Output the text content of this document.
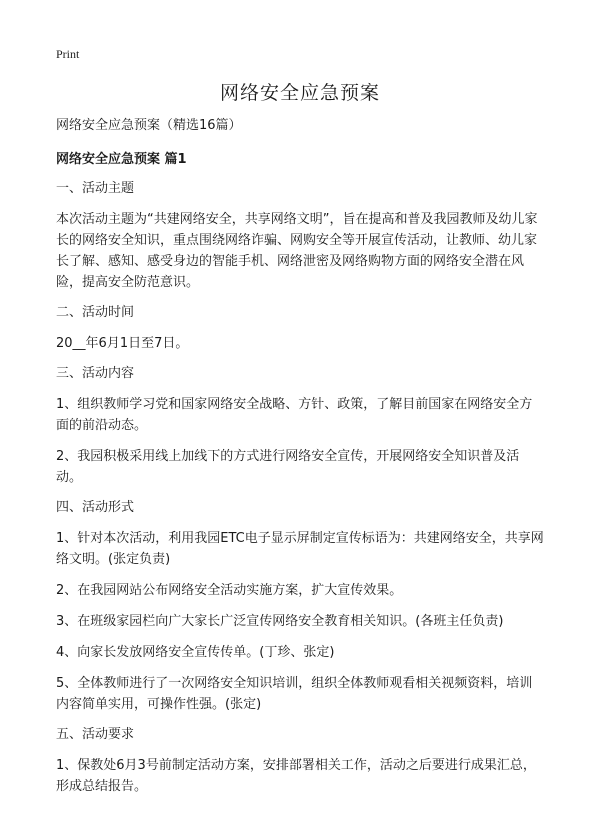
Print
网络安全应急预案

网络安全应急预案（精选16篇）

网络安全应急预案 篇1

一、活动主题

本次活动主题为“共建网络安全，共享网络文明”，旨在提高和普及我园教师及幼儿家长的网络安全知识，重点围绕网络诈骗、网购安全等开展宣传活动，让教师、幼儿家长了解、感知、感受身边的智能手机、网络泄密及网络购物方面的网络安全潜在风险，提高安全防范意识。

二、活动时间

20__年6月1日至7日。

三、活动内容

1、组织教师学习党和国家网络安全战略、方针、政策，了解目前国家在网络安全方面的前沿动态。

2、我园积极采用线上加线下的方式进行网络安全宣传，开展网络安全知识普及活动。

四、活动形式

1、针对本次活动，利用我园ETC电子显示屏制定宣传标语为：共建网络安全，共享网络文明。(张定负责)

2、在我园网站公布网络安全活动实施方案，扩大宣传效果。

3、在班级家园栏向广大家长广泛宣传网络安全教育相关知识。(各班主任负责)

4、向家长发放网络安全宣传传单。(丁珍、张定)

5、全体教师进行了一次网络安全知识培训，组织全体教师观看相关视频资料，培训内容简单实用，可操作性强。(张定)

五、活动要求

1、保教处6月3号前制定活动方案，安排部署相关工作，活动之后要进行成果汇总，形成总结报告。
